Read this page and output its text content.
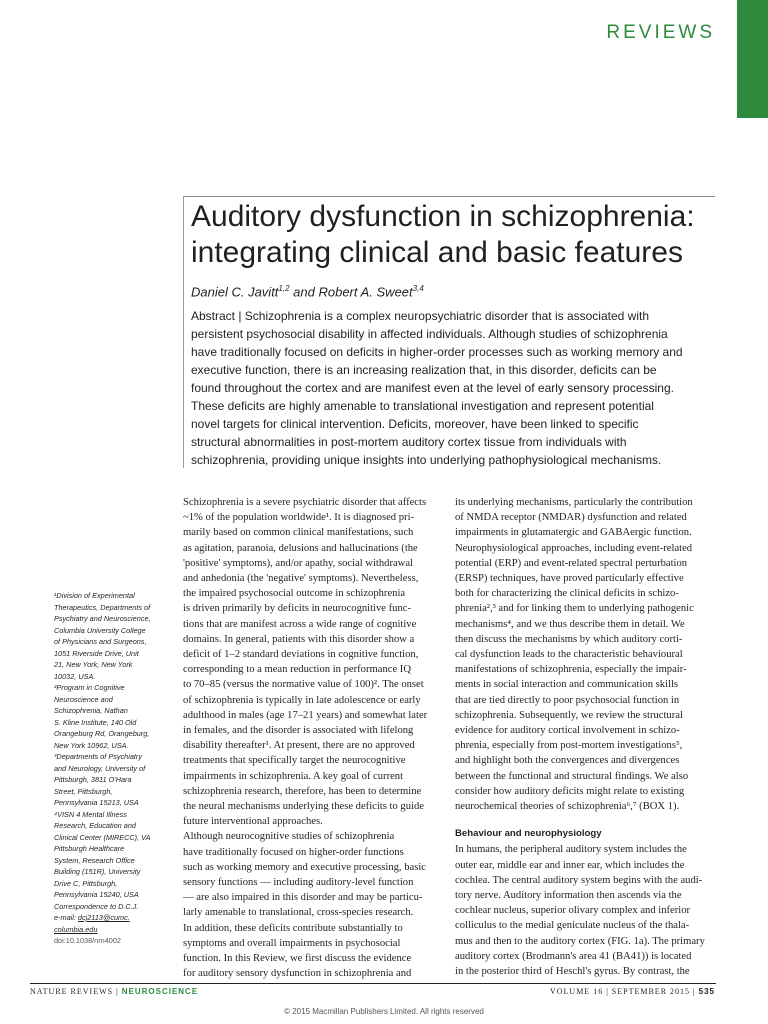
REVIEWS
Auditory dysfunction in schizophrenia:
integrating clinical and basic features
Daniel C. Javitt$^{1,2}$ and Robert A. Sweet$^{3,4}$
Abstract | Schizophrenia is a complex neuropsychiatric disorder that is associated with
persistent psychosocial disability in affected individuals. Although studies of schizophrenia
have traditionally focused on deficits in higher-order processes such as working memory and
executive function, there is an increasing realization that, in this disorder, deficits can be
found throughout the cortex and are manifest even at the level of early sensory processing.
These deficits are highly amenable to translational investigation and represent potential
novel targets for clinical intervention. Deficits, moreover, have been linked to specific
structural abnormalities in post-mortem auditory cortex tissue from individuals with
schizophrenia, providing unique insights into underlying pathophysiological mechanisms.
¹Division of Experimental
Therapeutics, Departments of
Psychiatry and Neuroscience,
Columbia University College
of Physicians and Surgeons,
1051 Riverside Drive, Unit
21, New York, New York
10032, USA.
²Program in Cognitive
Neuroscience and
Schizophrenia, Nathan
S. Kline Institute, 140 Old
Orangeburg Rd, Orangeburg,
New York 10962, USA.
³Departments of Psychiatry
and Neurology, University of
Pittsburgh, 3811 O'Hara
Street, Pittsburgh,
Pennsylvania 15213, USA
⁴VISN 4 Mental Illness
Research, Education and
Clinical Center (MIRECC), VA
Pittsburgh Healthcare
System, Research Office
Building (151R), University
Drive C, Pittsburgh,
Pennsylvania 15240, USA
Correspondence to D.C.J.
e-mail: dcj2113@cumc.
columbia.edu
doi:10.1038/nrn4002
Schizophrenia is a severe psychiatric disorder that affects
~1% of the population worldwide¹. It is diagnosed pri-
marily based on common clinical manifestations, such
as agitation, paranoia, delusions and hallucinations (the
'positive' symptoms), and/or apathy, social withdrawal
and anhedonia (the 'negative' symptoms). Nevertheless,
the impaired psychosocial outcome in schizophrenia
is driven primarily by deficits in neurocognitive func-
tions that are manifest across a wide range of cognitive
domains. In general, patients with this disorder show a
deficit of 1–2 standard deviations in cognitive function,
corresponding to a mean reduction in performance IQ
to 70–85 (versus the normative value of 100)². The onset
of schizophrenia is typically in late adolescence or early
adulthood in males (age 17–21 years) and somewhat later
in females, and the disorder is associated with lifelong
disability thereafter¹. At present, there are no approved
treatments that specifically target the neurocognitive
impairments in schizophrenia. A key goal of current
schizophrenia research, therefore, has been to determine
the neural mechanisms underlying these deficits to guide
future interventional approaches.
Although neurocognitive studies of schizophrenia
have traditionally focused on higher-order functions
such as working memory and executive processing, basic
sensory functions — including auditory-level function
— are also impaired in this disorder and may be particu-
larly amenable to translational, cross-species research.
In addition, these deficits contribute substantially to
symptoms and overall impairments in psychosocial
function. In this Review, we first discuss the evidence
for auditory sensory dysfunction in schizophrenia and
its underlying mechanisms, particularly the contribution
of NMDA receptor (NMDAR) dysfunction and related
impairments in glutamatergic and GABAergic function.
Neurophysiological approaches, including event-related
potential (ERP) and event-related spectral perturbation
(ERSP) techniques, have proved particularly effective
both for characterizing the clinical deficits in schizo-
phrenia²,³ and for linking them to underlying pathogenic
mechanisms⁴, and we thus describe them in detail. We
then discuss the mechanisms by which auditory corti-
cal dysfunction leads to the characteristic behavioural
manifestations of schizophrenia, especially the impair-
ments in social interaction and communication skills
that are tied directly to poor psychosocial function in
schizophrenia. Subsequently, we review the structural
evidence for auditory cortical involvement in schizo-
phrenia, especially from post-mortem investigations⁵,
and highlight both the convergences and divergences
between the functional and structural findings. We also
consider how auditory deficits might relate to existing
neurochemical theories of schizophrenia⁶,⁷ (BOX 1).
Behaviour and neurophysiology
In humans, the peripheral auditory system includes the
outer ear, middle ear and inner ear, which includes the
cochlea. The central auditory system begins with the audi-
tory nerve. Auditory information then ascends via the
cochlear nucleus, superior olivary complex and inferior
colliculus to the medial geniculate nucleus of the thala-
mus and then to the auditory cortex (FIG. 1a). The primary
auditory cortex (Brodmann's area 41 (BA41)) is located
in the posterior third of Heschl's gyrus. By contrast, the
NATURE REVIEWS | NEUROSCIENCE	VOLUME 16 | SEPTEMBER 2015 | 535
© 2015 Macmillan Publishers Limited. All rights reserved
